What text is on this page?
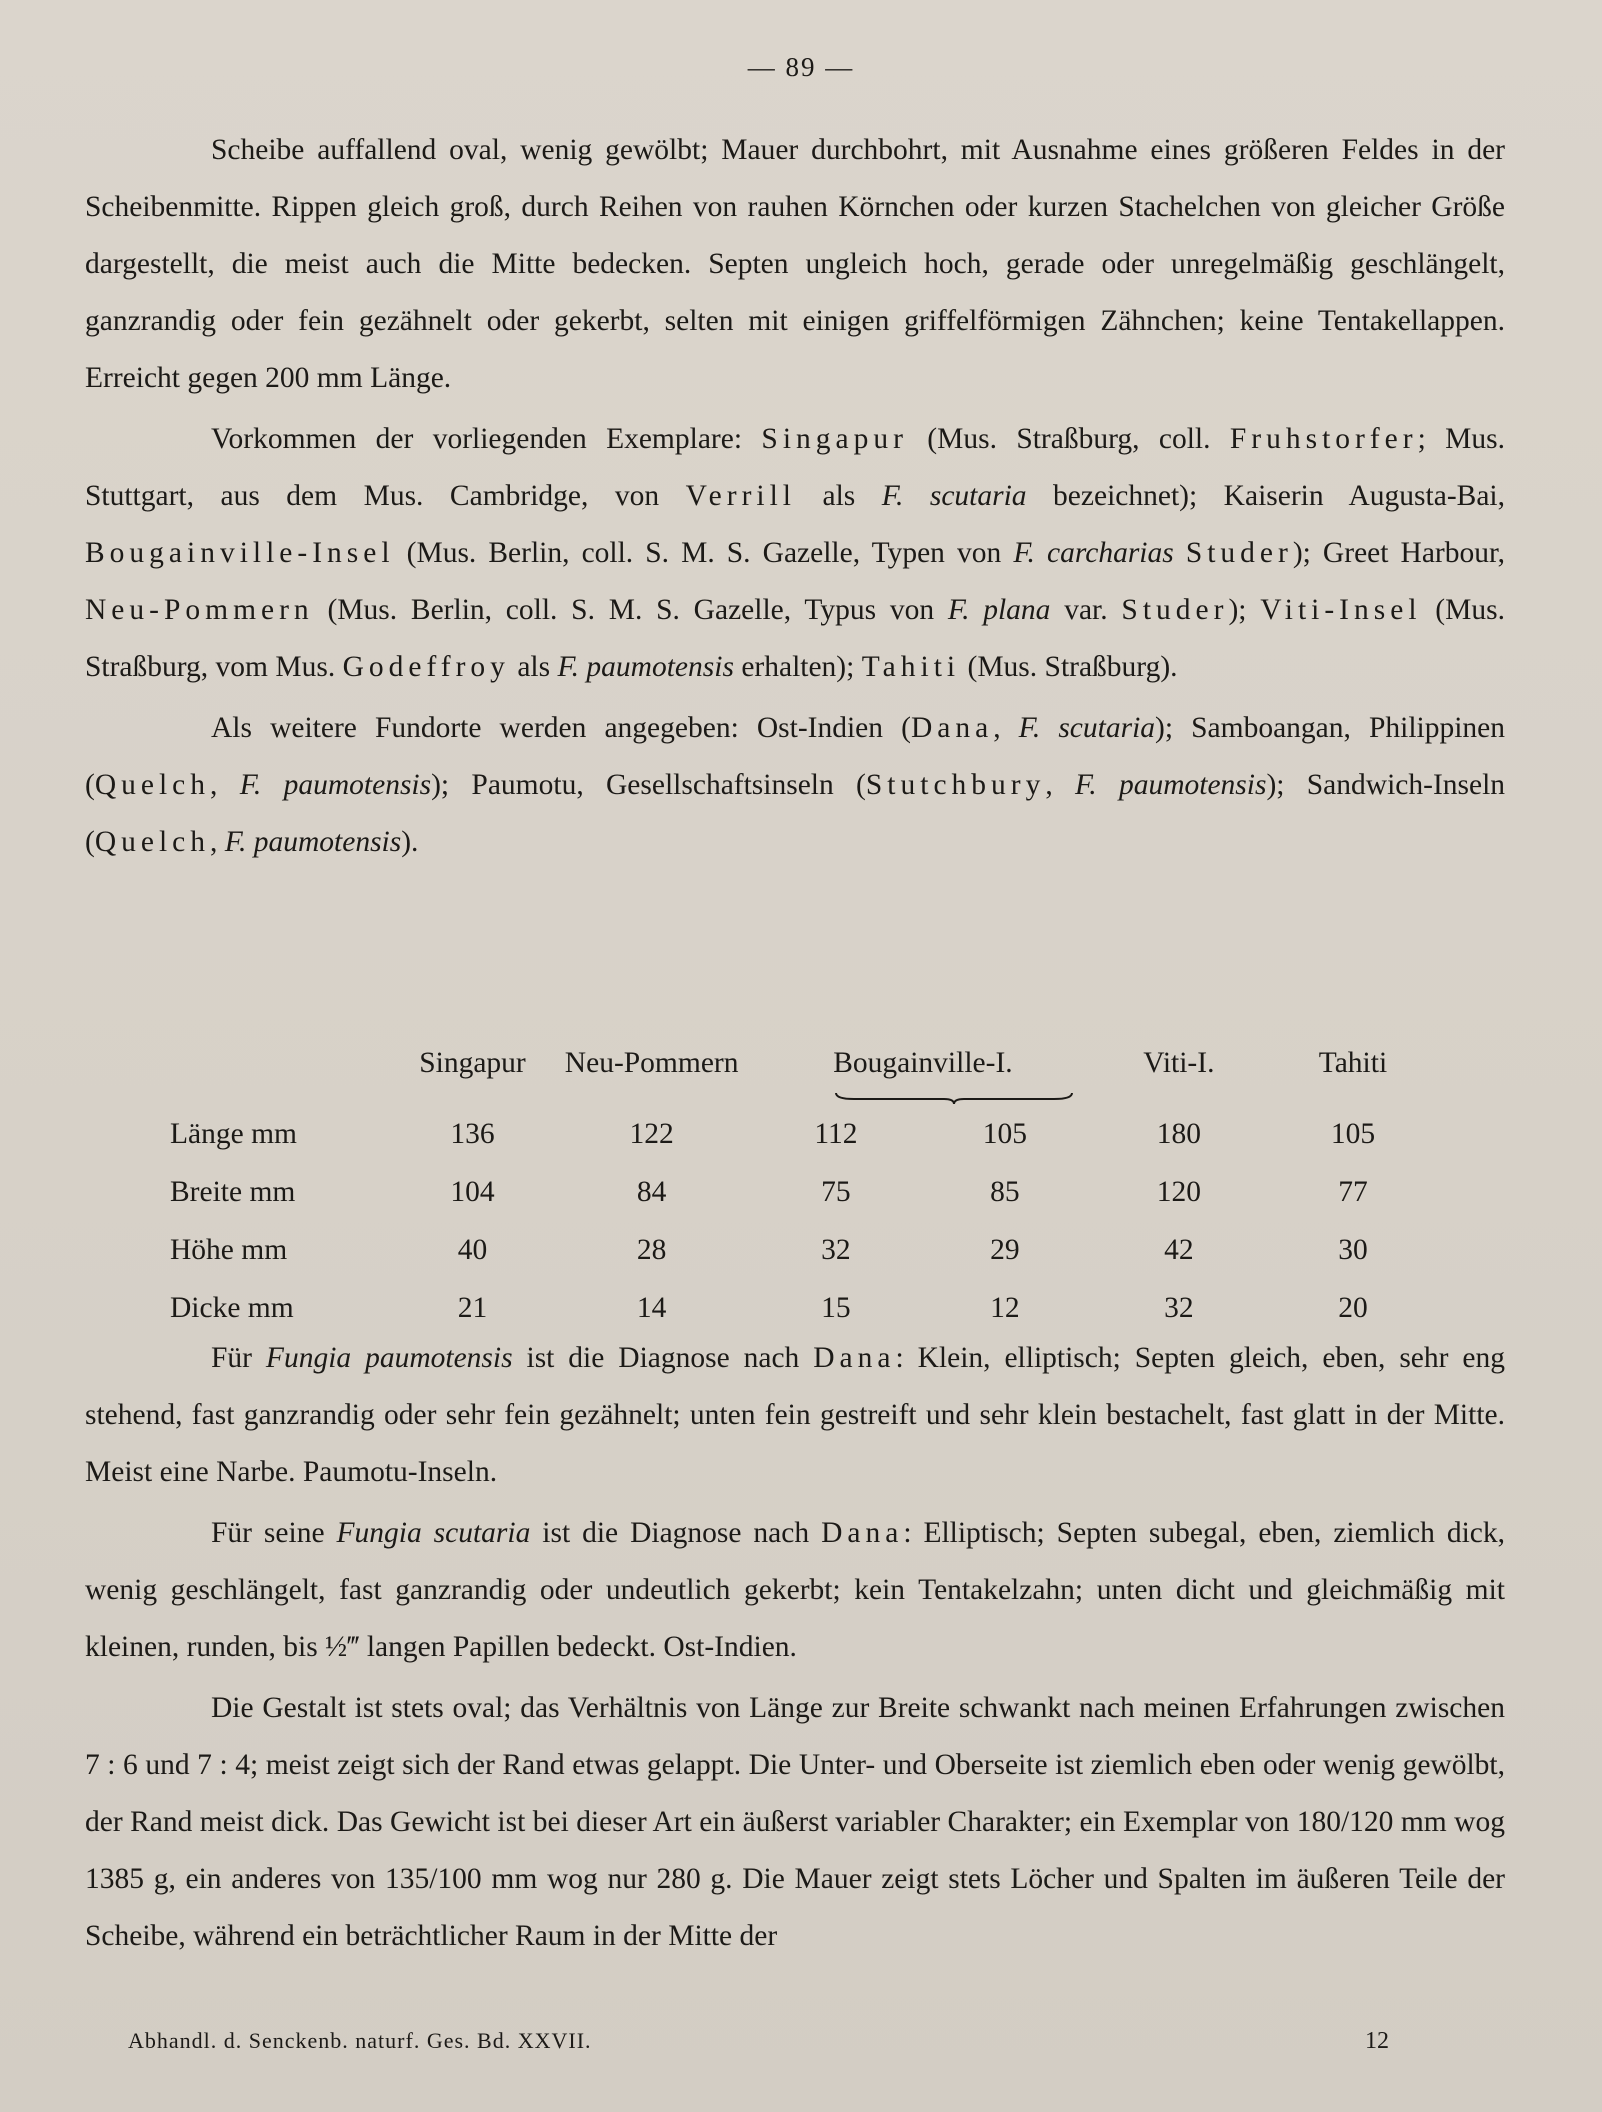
— 89 —

Scheibe auffallend oval, wenig gewölbt; Mauer durchbohrt, mit Ausnahme eines größeren Feldes in der Scheibenmitte. Rippen gleich groß, durch Reihen von rauhen Körnchen oder kurzen Stachelchen von gleicher Größe dargestellt, die meist auch die Mitte bedecken. Septen ungleich hoch, gerade oder unregelmäßig geschlängelt, ganzrandig oder fein gezähnelt oder gekerbt, selten mit einigen griffelförmigen Zähnchen; keine Tentakellappen. Erreicht gegen 200 mm Länge.

Vorkommen der vorliegenden Exemplare: Singapur (Mus. Straßburg, coll. Fruhstorfer; Mus. Stuttgart, aus dem Mus. Cambridge, von Verrill als F. scutaria bezeichnet); Kaiserin Augusta-Bai, Bougainville-Insel (Mus. Berlin, coll. S. M. S. Gazelle, Typen von F. carcharias Studer); Greet Harbour, Neu-Pommern (Mus. Berlin, coll. S. M. S. Gazelle, Typus von F. plana var. Studer); Viti-Insel (Mus. Straßburg, vom Mus. Godeffroy als F. paumotensis erhalten); Tahiti (Mus. Straßburg).

Als weitere Fundorte werden angegeben: Ost-Indien (Dana, F. scutaria); Samboangan, Philippinen (Quelch, F. paumotensis); Paumotu, Gesellschaftsinseln (Stutchbury, F. paumotensis); Sandwich-Inseln (Quelch, F. paumotensis).

	Singapur	Neu-Pommern	Bougainville-I.		Viti-I.	Tahiti

Länge mm	136	122	112	105	180	105
Breite mm	104	84	75	85	120	77
Höhe mm	40	28	32	29	42	30
Dicke mm	21	14	15	12	32	20

Für Fungia paumotensis ist die Diagnose nach Dana: Klein, elliptisch; Septen gleich, eben, sehr eng stehend, fast ganzrandig oder sehr fein gezähnelt; unten fein gestreift und sehr klein bestachelt, fast glatt in der Mitte. Meist eine Narbe. Paumotu-Inseln.

Für seine Fungia scutaria ist die Diagnose nach Dana: Elliptisch; Septen subegal, eben, ziemlich dick, wenig geschlängelt, fast ganzrandig oder undeutlich gekerbt; kein Tentakelzahn; unten dicht und gleichmäßig mit kleinen, runden, bis ½‴ langen Papillen bedeckt. Ost-Indien.

Die Gestalt ist stets oval; das Verhältnis von Länge zur Breite schwankt nach meinen Erfahrungen zwischen 7 : 6 und 7 : 4; meist zeigt sich der Rand etwas gelappt. Die Unter- und Oberseite ist ziemlich eben oder wenig gewölbt, der Rand meist dick. Das Gewicht ist bei dieser Art ein äußerst variabler Charakter; ein Exemplar von 180/120 mm wog 1385 g, ein anderes von 135/100 mm wog nur 280 g. Die Mauer zeigt stets Löcher und Spalten im äußeren Teile der Scheibe, während ein beträchtlicher Raum in der Mitte der

Abhandl. d. Senckenb. naturf. Ges. Bd. XXVII.	12
